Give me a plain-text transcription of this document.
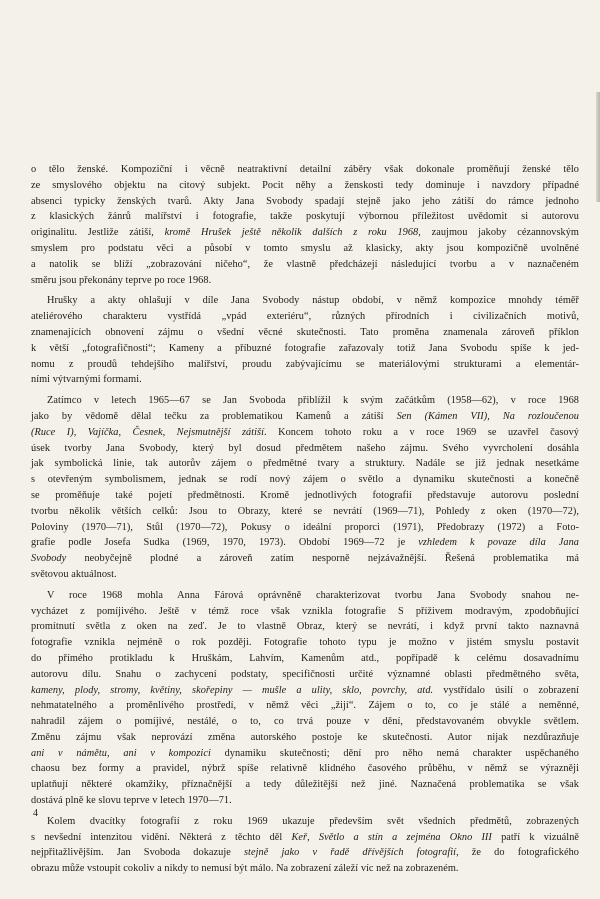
o tělo ženské. Kompoziční i věcně neatraktivní detailní záběry však dokonale proměňují ženské tělo
ze smyslového objektu na citový subjekt. Pocit něhy a ženskosti tedy dominuje i navzdory případné
absenci typicky ženských tvarů. Akty Jana Svobody spadají stejně jako jeho zátiší do rámce jednoho
z klasických žánrů malířství i fotografie, takže poskytují výbornou příležitost uvědomit si autorovu
originalitu. Jestliže zátiší, kromě Hrušek ještě několik dalších z roku 1968, zaujmou jakoby cézannovským
smyslem pro podstatu věci a působí v tomto smyslu až klasicky, akty jsou kompozičně uvolněné
a natolik se blíží „zobrazování ničeho“, že vlastně předcházejí následující tvorbu a v naznačeném
směru jsou překonány teprve po roce 1968.
Hrušky a akty ohlašují v díle Jana Svobody nástup období, v němž kompozice mnohdy téměř
ateliérového charakteru vystřídá „vpád exteriéru“, různých přírodních i civilizačních motivů,
znamenajících obnovení zájmu o všední věcné skutečnosti. Tato proměna znamenala zároveň příklon
k větší „fotografičnosti“; Kameny a příbuzné fotografie zařazovaly totiž Jana Svobodu spíše k jed-
nomu z proudů tehdejšího malířství, proudu zabývajícímu se materiálovými strukturami a elementár-
ními výtvarnými formami.
Zatímco v letech 1965—67 se Jan Svoboda přiblížil k svým začátkům (1958—62), v roce 1968
jako by vědomě dělal tečku za problematikou Kamenů a zátiší Sen (Kámen VII), Na rozloučenou
(Ruce I), Vajíčka, Česnek, Nejsmutnější zátiší. Koncem tohoto roku a v roce 1969 se uzavřel časový
úsek tvorby Jana Svobody, který byl dosud předmětem našeho zájmu. Svého vyvrcholení dosáhla
jak symbolická linie, tak autorův zájem o předmětné tvary a struktury. Nadále se již jednak nesetkáme
s otevřeným symbolismem, jednak se rodí nový zájem o světlo a dynamiku skutečnosti a konečně
se proměňuje také pojetí předmětnosti. Kromě jednotlivých fotografií představuje autorovu poslední
tvorbu několik větších celků: Jsou to Obrazy, které se nevrátí (1969—71), Pohledy z oken (1970—72),
Poloviny (1970—71), Stůl (1970—72), Pokusy o ideální proporci (1971), Předobrazy (1972) a Foto-
grafie podle Josefa Sudka (1969, 1970, 1973). Období 1969—72 je vzhledem k povaze díla Jana
Svobody neobyčejně plodné a zároveň zatím nesporně nejzávažnější. Řešená problematika má
světovou aktuálnost.
V roce 1968 mohla Anna Fárová oprávněně charakterizovat tvorbu Jana Svobody snahou ne-
vycházet z pomíjivého. Ještě v témž roce však vznikla fotografie S příživem modravým, zpodobňující
promítnutí světla z oken na zeď. Je to vlastně Obraz, který se nevrátí, i když první takto naznavná
fotografie vznikla nejméně o rok později. Fotografie tohoto typu je možno v jistém smyslu postavit
do přímého protikladu k Hruškám, Lahvím, Kamenům atd., popřípadě k celému dosavadnímu
autorovu dílu. Snahu o zachycení podstaty, specifičnosti určité významné oblasti předmětného světa,
kameny, plody, stromy, květiny, skořepiny — mušle a ulity, sklo, povrchy, atd. vystřídalo úsilí o zobrazení
nehmatatelného a proměnlivého prostředí, v němž věci „žijí“. Zájem o to, co je stálé a neměnné,
nahradil zájem o pomíjivé, nestálé, o to, co trvá pouze v dění, představovaném obvykle světlem.
Změnu zájmu však neprovází změna autorského postoje ke skutečnosti. Autor nijak nezdůrazňuje
ani v námětu, ani v kompozici dynamiku skutečnosti; dění pro něho nemá charakter uspěchaného
chaosu bez formy a pravidel, nýbrž spíše relativně klidného časového průběhu, v němž se výrazněji
uplatňují některé okamžiky, příznačnější a tedy důležitější než jiné. Naznačená problematika se však
dostává plně ke slovu teprve v letech 1970—71.
Kolem dvacítky fotografií z roku 1969 ukazuje především svět všedních předmětů, zobrazených
s nevšední intenzitou vidění. Některá z těchto děl Keř, Světlo a stín a zejména Okno III patří k vizuálně
nejpřitažlivějším. Jan Svoboda dokazuje stejně jako v řadě dřívějších fotografií, že do fotografického
obrazu může vstoupit cokoliv a nikdy to nemusí být málo. Na zobrazení záleží víc než na zobrazeném.
4
